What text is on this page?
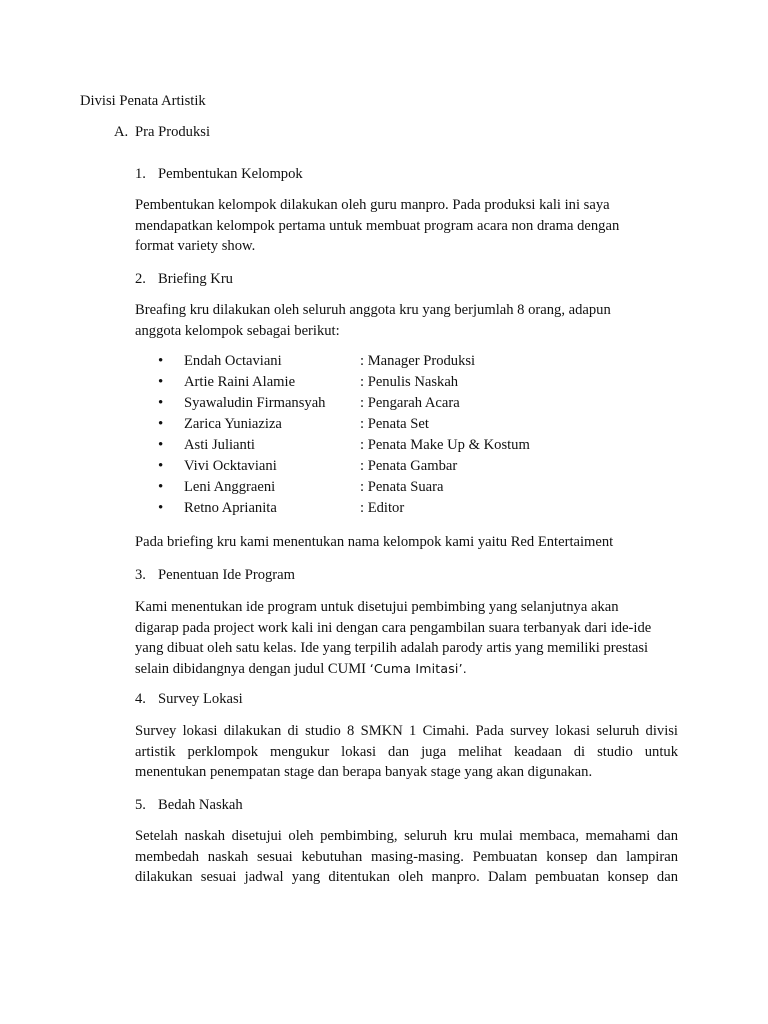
Divisi Penata Artistik
A. Pra Produksi
1. Pembentukan Kelompok
Pembentukan kelompok dilakukan oleh guru manpro. Pada produksi kali ini saya
mendapatkan kelompok pertama untuk membuat program acara non drama dengan
format variety show.
2. Briefing Kru
Breafing kru dilakukan oleh seluruh anggota kru yang berjumlah 8 orang, adapun
anggota kelompok sebagai berikut:
• Endah Octaviani	: Manager Produksi
• Artie Raini Alamie	: Penulis Naskah
• Syawaludin Firmansyah : Pengarah Acara
• Zarica Yuniaziza	: Penata Set
• Asti Julianti	: Penata Make Up & Kostum
• Vivi Ocktaviani	: Penata Gambar
• Leni Anggraeni	: Penata Suara
• Retno Aprianita	: Editor
Pada briefing kru kami menentukan nama kelompok kami yaitu Red Entertaiment
3. Penentuan Ide Program
Kami menentukan ide program untuk disetujui pembimbing yang selanjutnya akan
digarap pada project work kali ini dengan cara pengambilan suara terbanyak dari ide-ide
yang dibuat oleh satu kelas. Ide yang terpilih adalah parody artis yang memiliki prestasi
selain dibidangnya dengan judul CUMI ‘Cuma Imitasi’.
4. Survey Lokasi
Survey lokasi dilakukan di studio 8 SMKN 1 Cimahi. Pada survey lokasi seluruh divisi
artistik perklompok mengukur lokasi dan juga melihat keadaan di studio untuk
menentukan penempatan stage dan berapa banyak stage yang akan digunakan.
5. Bedah Naskah
Setelah naskah disetujui oleh pembimbing, seluruh kru mulai membaca, memahami dan
membedah naskah sesuai kebutuhan masing-masing. Pembuatan konsep dan lampiran
dilakukan sesuai jadwal yang ditentukan oleh manpro. Dalam pembuatan konsep dan
